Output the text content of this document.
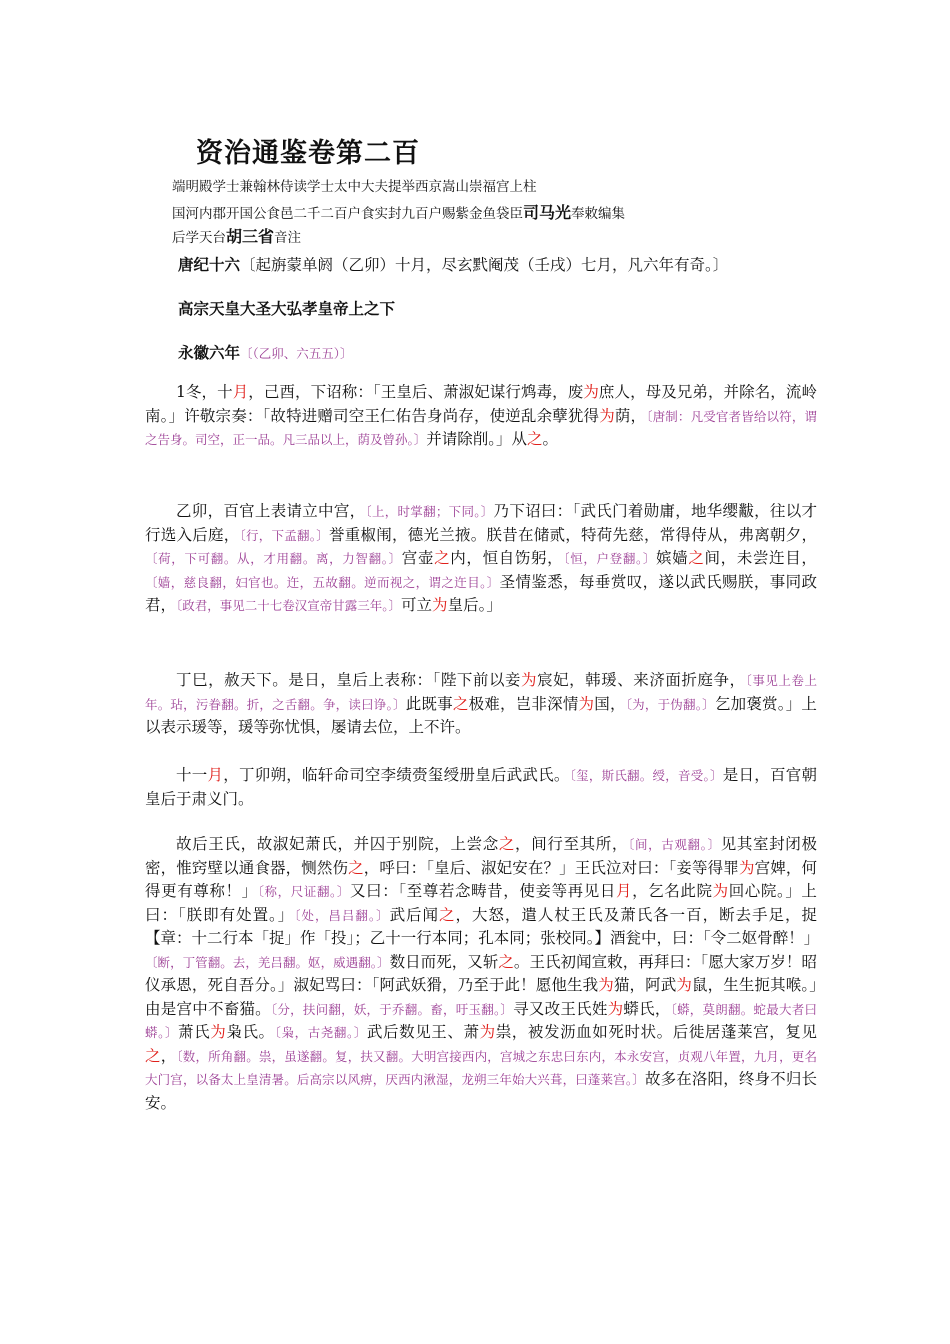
资治通鉴卷第二百
端明殿学士兼翰林侍读学士太中大夫提举西京嵩山崇福宫上柱
国河内郡开国公食邑二千二百户食实封九百户赐紫金鱼袋臣司马光奉敕编集
后学天台胡三省音注
唐纪十六〔起旃蒙单阏（乙卯）十月，尽玄黓阉茂（壬戌）七月，凡六年有奇。〕
高宗天皇大圣大弘孝皇帝上之下
永徽六年〔（乙卯、六五五）〕
1冬，十月，己酉，下诏称：「王皇后、萧淑妃谋行鸩毒，废为庶人，母及兄弟，并除名，流岭南。」许敬宗奏：「故特进赠司空王仁佑告身尚存，使逆乱余孽犹得为荫，〔唐制：凡受官者皆给以符，谓之告身。司空，正一品。凡三品以上，荫及曾孙。〕并请除削。」从之。
乙卯，百官上表请立中宫，〔上，时掌翻；下同。〕乃下诏曰：「武氏门着勋庸，地华缨黻，往以才行选入后庭，〔行，下孟翻。〕誉重椒闱，德光兰掖。朕昔在储贰，特荷先慈，常得侍从，弗离朝夕，〔荷，下可翻。从，才用翻。离，力智翻。〕宫壶之内，恒自饬躬，〔恒，户登翻。〕嫔嫱之间，未尝迕目，〔嫱，慈良翻，妇官也。迕，五故翻。逆而视之，谓之迕目。〕圣情鉴悉，每垂赏叹，遂以武氏赐朕，事同政君，〔政君，事见二十七卷汉宣帝甘露三年。〕可立为皇后。」
丁巳，赦天下。是日，皇后上表称：「陛下前以妾为宸妃，韩瑗、来济面折庭争，〔事见上卷上年。玷，污眷翻。折，之舌翻。争，读曰诤。〕此既事之极难，岂非深情为国，〔为，于伪翻。〕乞加褒赏。」上以表示瑗等，瑗等弥忧惧，屡请去位，上不许。
十一月，丁卯朔，临轩命司空李绩赍玺绶册皇后武武氏。〔玺，斯氏翻。绶，音受。〕是日，百官朝皇后于肃义门。
故后王氏，故淑妃萧氏，并囚于别院，上尝念之，间行至其所，〔间，古观翻。〕见其室封闭极密，惟窍壁以通食器，恻然伤之，呼曰：「皇后、淑妃安在？」王氏泣对曰：「妾等得罪为宫婢，何得更有尊称！」〔称，尺证翻。〕又曰：「至尊若念畴昔，使妾等再见日月，乞名此院为回心院。」上曰：「朕即有处置。」〔处，昌吕翻。〕武后闻之，大怒，遣人杖王氏及萧氏各一百，断去手足，捉【章：十二行本「捉」作「投」；乙十一行本同；孔本同；张校同。】酒瓮中，曰：「令二妪骨醉！」〔断，丁管翻。去，羌吕翻。妪，威遇翻。〕数日而死，又斩之。王氏初闻宣敕，再拜曰：「愿大家万岁！昭仪承恩，死自吾分。」淑妃骂曰：「阿武妖猾，乃至于此！愿他生我为猫，阿武为鼠，生生扼其喉。」由是宫中不畜猫。〔分，扶问翻，妖，于乔翻。畜，吁玉翻。〕寻又改王氏姓为蟒氏，〔蟒，莫朗翻。蛇最大者曰蟒。〕萧氏为枭氏。〔枭，古尧翻。〕武后数见王、萧为祟，被发沥血如死时状。后徙居蓬莱宫，复见之，〔数，所角翻。祟，虽遂翻。复，扶又翻。大明宫接西内，宫城之东忠曰东内，本永安宫，贞观八年置，九月，更名大门宫，以备太上皇清暑。后高宗以风痹，厌西内湫湿，龙朔三年始大兴葺，曰蓬莱宫。〕故多在洛阳，终身不归长安。
